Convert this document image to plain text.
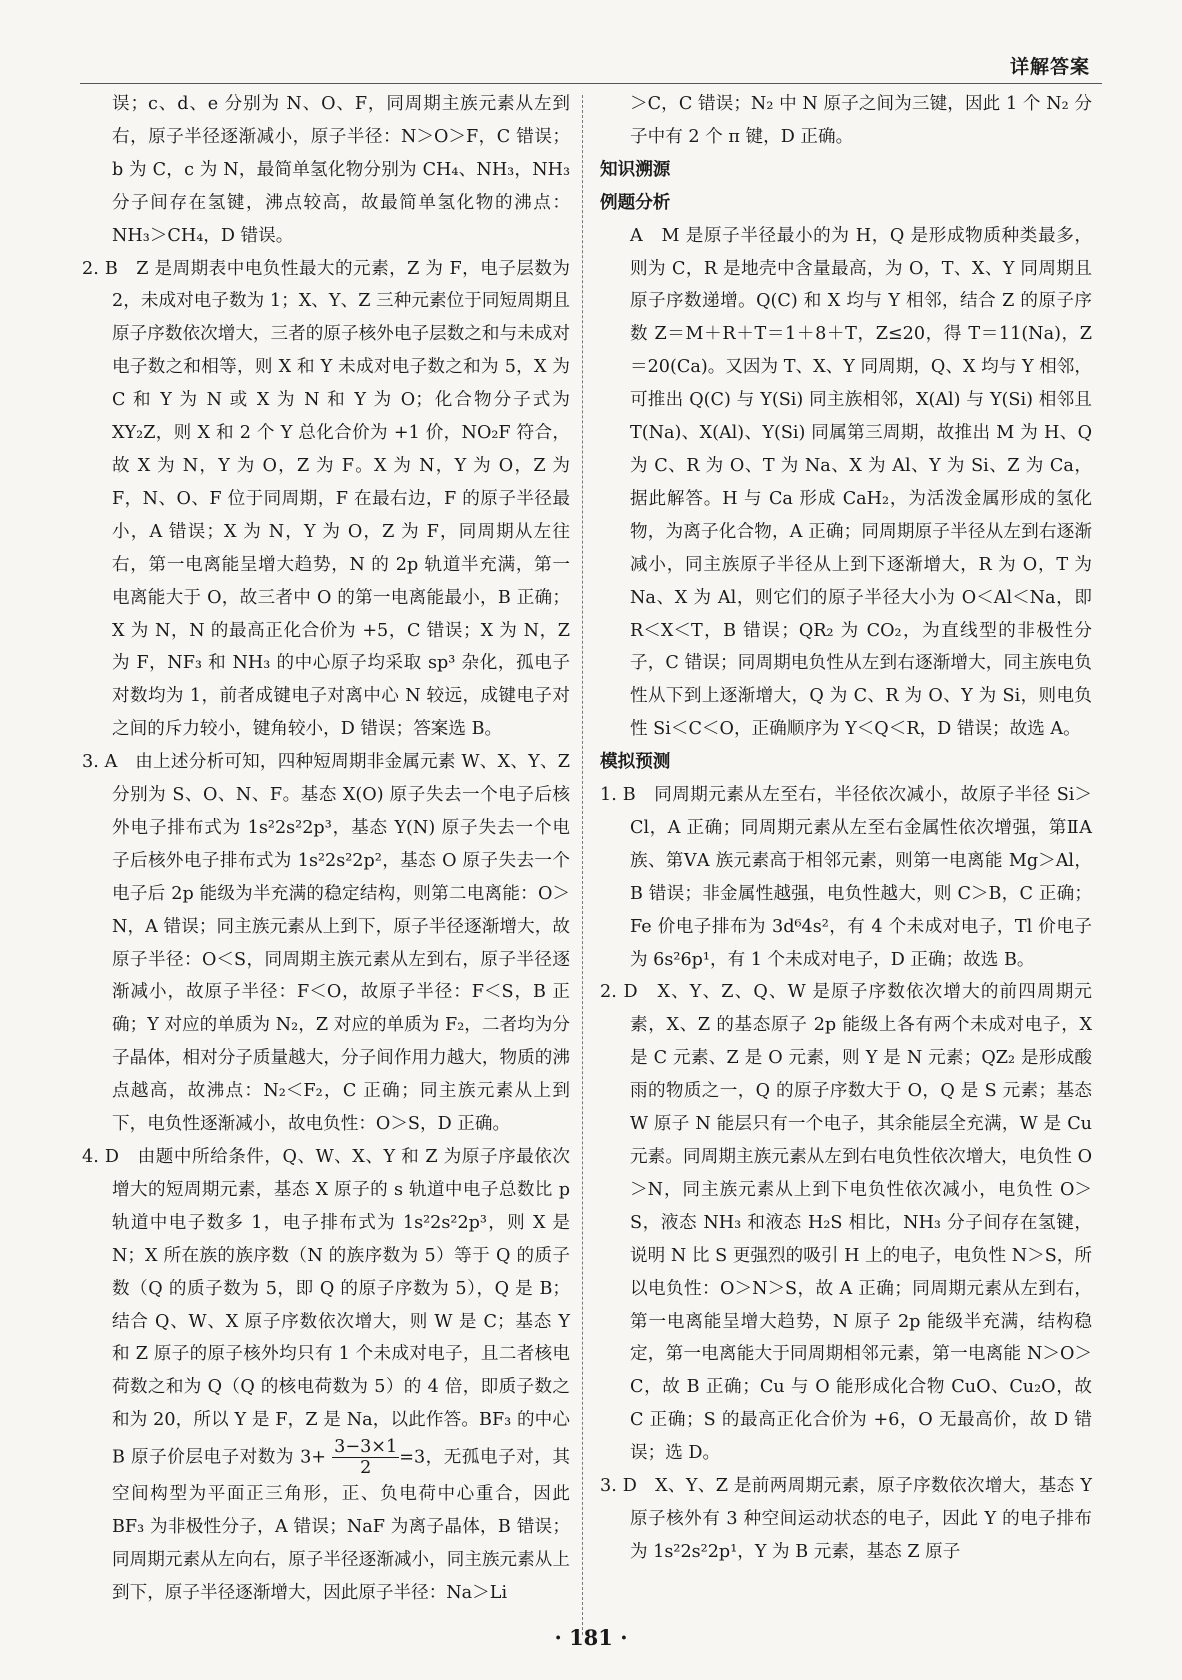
详解答案

误；c、d、e 分别为 N、O、F，同周期主族元素从左到右，原子半径逐渐减小，原子半径：N＞O＞F，C 错误；b 为 C，c 为 N，最简单氢化物分别为 CH₄、NH₃，NH₃ 分子间存在氢键，沸点较高，故最简单氢化物的沸点：NH₃＞CH₄，D 错误。

2. B　Z 是周期表中电负性最大的元素，Z 为 F，电子层数为 2，未成对电子数为 1；X、Y、Z 三种元素位于同短周期且原子序数依次增大，三者的原子核外电子层数之和与未成对电子数之和相等，则 X 和 Y 未成对电子数之和为 5，X 为 C 和 Y 为 N 或 X 为 N 和 Y 为 O；化合物分子式为 XY₂Z，则 X 和 2 个 Y 总化合价为 +1 价，NO₂F 符合，故 X 为 N，Y 为 O，Z 为 F。X 为 N，Y 为 O，Z 为 F，N、O、F 位于同周期，F 在最右边，F 的原子半径最小，A 错误；X 为 N，Y 为 O，Z 为 F，同周期从左往右，第一电离能呈增大趋势，N 的 2p 轨道半充满，第一电离能大于 O，故三者中 O 的第一电离能最小，B 正确；X 为 N，N 的最高正化合价为 +5，C 错误；X 为 N，Z 为 F，NF₃ 和 NH₃ 的中心原子均采取 sp³ 杂化，孤电子对数均为 1，前者成键电子对离中心 N 较远，成键电子对之间的斥力较小，键角较小，D 错误；答案选 B。

3. A　由上述分析可知，四种短周期非金属元素 W、X、Y、Z 分别为 S、O、N、F。基态 X(O) 原子失去一个电子后核外电子排布式为 1s²2s²2p³，基态 Y(N) 原子失去一个电子后核外电子排布式为 1s²2s²2p²，基态 O 原子失去一个电子后 2p 能级为半充满的稳定结构，则第二电离能：O＞N，A 错误；同主族元素从上到下，原子半径逐渐增大，故原子半径：O＜S，同周期主族元素从左到右，原子半径逐渐减小，故原子半径：F＜O，故原子半径：F＜S，B 正确；Y 对应的单质为 N₂，Z 对应的单质为 F₂，二者均为分子晶体，相对分子质量越大，分子间作用力越大，物质的沸点越高，故沸点：N₂＜F₂，C 正确；同主族元素从上到下，电负性逐渐减小，故电负性：O＞S，D 正确。

4. D　由题中所给条件，Q、W、X、Y 和 Z 为原子序最依次增大的短周期元素，基态 X 原子的 s 轨道中电子总数比 p 轨道中电子数多 1，电子排布式为 1s²2s²2p³，则 X 是 N；X 所在族的族序数（N 的族序数为 5）等于 Q 的质子数（Q 的质子数为 5，即 Q 的原子序数为 5），Q 是 B；结合 Q、W、X 原子序数依次增大，则 W 是 C；基态 Y 和 Z 原子的原子核外均只有 1 个未成对电子，且二者核电荷数之和为 Q（Q 的核电荷数为 5）的 4 倍，即质子数之和为 20，所以 Y 是 F，Z 是 Na，以此作答。BF₃ 的中心 B 原子价层电子对数为 $3+ \frac{3-3\times 1}{2} =3$，无孤电子对，其空间构型为平面正三角形，正、负电荷中心重合，因此 BF₃ 为非极性分子，A 错误；NaF 为离子晶体，B 错误；同周期元素从左向右，原子半径逐渐减小，同主族元素从上到下，原子半径逐渐增大，因此原子半径：Na＞Li

＞C，C 错误；N₂ 中 N 原子之间为三键，因此 1 个 N₂ 分子中有 2 个 π 键，D 正确。

知识溯源

例题分析

A　M 是原子半径最小的为 H，Q 是形成物质种类最多，则为 C，R 是地壳中含量最高，为 O，T、X、Y 同周期且原子序数递增。Q(C) 和 X 均与 Y 相邻，结合 Z 的原子序数 Z＝M＋R＋T＝1＋8＋T，Z≤20，得 T＝11(Na)，Z＝20(Ca)。又因为 T、X、Y 同周期，Q、X 均与 Y 相邻，可推出 Q(C) 与 Y(Si) 同主族相邻，X(Al) 与 Y(Si) 相邻且 T(Na)、X(Al)、Y(Si) 同属第三周期，故推出 M 为 H、Q 为 C、R 为 O、T 为 Na、X 为 Al、Y 为 Si、Z 为 Ca，据此解答。H 与 Ca 形成 CaH₂，为活泼金属形成的氢化物，为离子化合物，A 正确；同周期原子半径从左到右逐渐减小，同主族原子半径从上到下逐渐增大，R 为 O，T 为 Na、X 为 Al，则它们的原子半径大小为 O＜Al＜Na，即 R＜X＜T，B 错误；QR₂ 为 CO₂，为直线型的非极性分子，C 错误；同周期电负性从左到右逐渐增大，同主族电负性从下到上逐渐增大，Q 为 C、R 为 O、Y 为 Si，则电负性 Si＜C＜O，正确顺序为 Y＜Q＜R，D 错误；故选 A。

模拟预测

1. B　同周期元素从左至右，半径依次减小，故原子半径 Si＞Cl，A 正确；同周期元素从左至右金属性依次增强，第ⅡA 族、第ⅤA 族元素高于相邻元素，则第一电离能 Mg＞Al，B 错误；非金属性越强，电负性越大，则 C＞B，C 正确；Fe 价电子排布为 3d⁶4s²，有 4 个未成对电子，Tl 价电子为 6s²6p¹，有 1 个未成对电子，D 正确；故选 B。

2. D　X、Y、Z、Q、W 是原子序数依次增大的前四周期元素，X、Z 的基态原子 2p 能级上各有两个未成对电子，X 是 C 元素、Z 是 O 元素，则 Y 是 N 元素；QZ₂ 是形成酸雨的物质之一，Q 的原子序数大于 O，Q 是 S 元素；基态 W 原子 N 能层只有一个电子，其余能层全充满，W 是 Cu 元素。同周期主族元素从左到右电负性依次增大，电负性 O＞N，同主族元素从上到下电负性依次减小，电负性 O＞S，液态 NH₃ 和液态 H₂S 相比，NH₃ 分子间存在氢键，说明 N 比 S 更强烈的吸引 H 上的电子，电负性 N＞S，所以电负性：O＞N＞S，故 A 正确；同周期元素从左到右，第一电离能呈增大趋势，N 原子 2p 能级半充满，结构稳定，第一电离能大于同周期相邻元素，第一电离能 N＞O＞C，故 B 正确；Cu 与 O 能形成化合物 CuO、Cu₂O，故 C 正确；S 的最高正化合价为 +6，O 无最高价，故 D 错误；选 D。

3. D　X、Y、Z 是前两周期元素，原子序数依次增大，基态 Y 原子核外有 3 种空间运动状态的电子，因此 Y 的电子排布为 1s²2s²2p¹，Y 为 B 元素，基态 Z 原子

· 181 ·
